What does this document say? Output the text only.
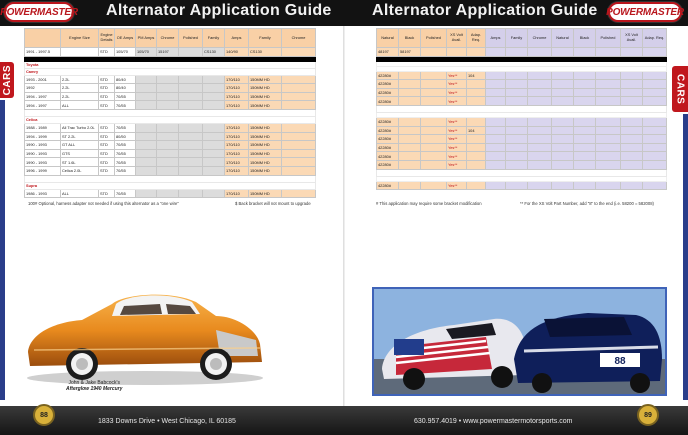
POWERMASTER Alternator Application Guide	Alternator Application Guide POWERMASTER
CARS	CARS
	Engine Size	Engine Details	OE Amps	PM Amps	Chrome	Polished	Family	Amps	Family	Chrome
1991 - 1997.5		STD	105/70	105/70	15197		CS130	140/90	CS130	

Toyota										
Camry										
1993 - 2001	2.2L	STD	80/40					170/110	150MM HD	
1992	2.2L	STD	80/40					170/110	150MM HD	
1994 - 1997	2.2L	STD	70/55					170/110	150MM HD	
1994 - 1997	ALL	STD	70/55					170/110	150MM HD	

Celica										
1988 - 1989	All Trac Turbo 2.0L	STD	70/55					170/110	150MM HD	
1994 - 1999	ST 2.2L	STD	80/50					170/110	150MM HD	
1990 - 1993	GT ALL	STD	70/55					170/110	150MM HD	
1990 - 1993	GTS	STD	70/55					170/110	150MM HD	
1990 - 1993	ST 1.6L	STD	70/55					170/110	150MM HD	
1996 - 1999	Celica 2.0L	STD	70/55					170/110	150MM HD	

Supra										
1986 - 1993	ALL	STD	70/55					170/110	150MM HD	
Natural	Black	Polished	XS Volt Avail.	Adap. Req.	Amps	Family	Chrome	Natural	Black	Polished	XS Volt Avail.	Adap. Req.
48197	58197											

42280#			Yes**	104								
42280#			Yes**									
42280#			Yes**									
42280#			Yes**									

42280#			Yes**									
42280#			Yes**	104								
42280#			Yes**									
42280#			Yes**									
42280#			Yes**									
42280#			Yes**									

42280#			Yes**									
100# Optional, harness adapter not needed if using this alternator as a "one wire"	$ Back bracket will not mount to upgrade	# This application may require some bracket modification	** For the XS Volt Part Number, add "8" to the end (i.e. 58200 = 582008)
John & Jake Babcock's
Afterglow 1940 Mercury
88
88
1833 Downs Drive • West Chicago, IL 60185	630.957.4019 • www.powermastermotorsports.com
89
